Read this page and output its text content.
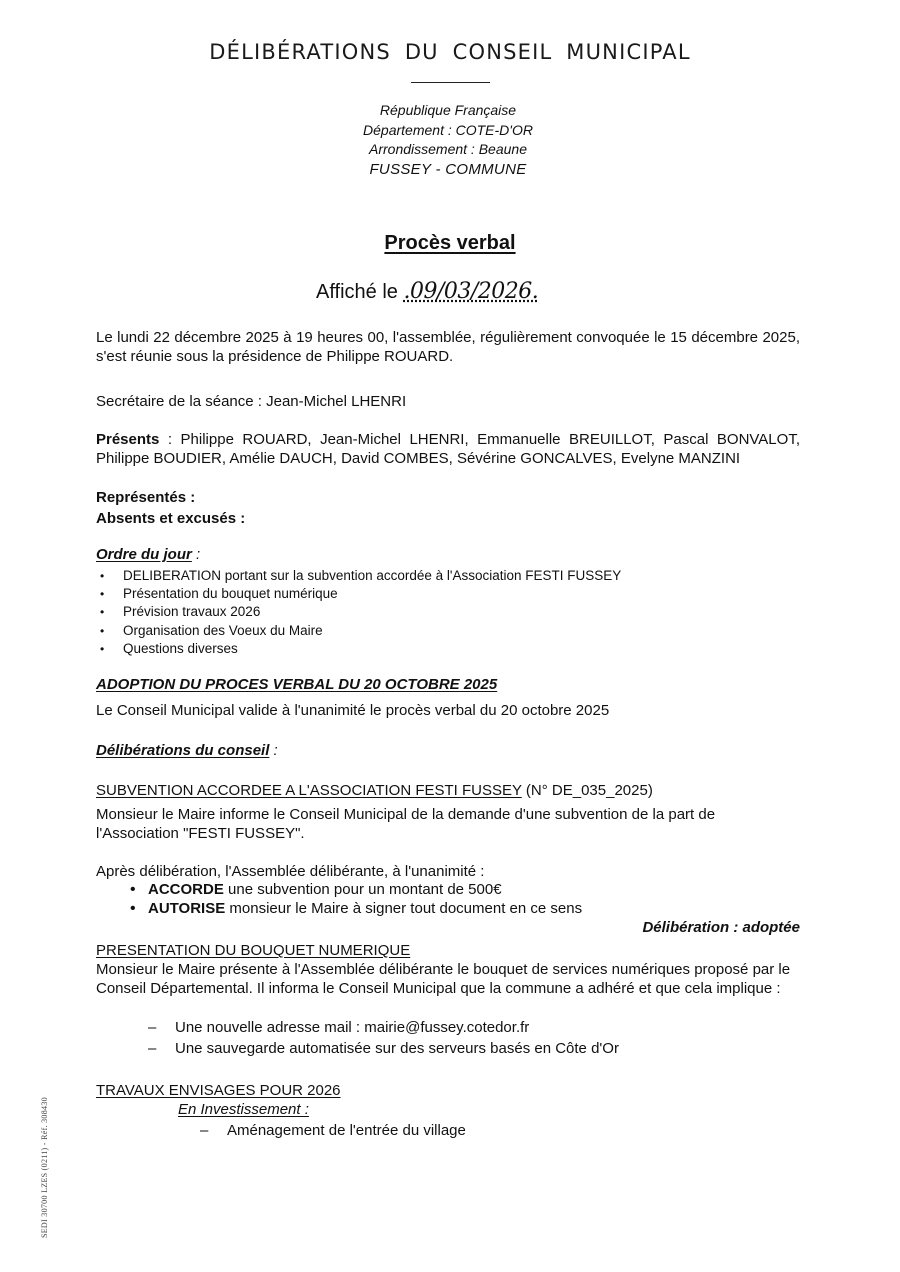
DÉLIBÉRATIONS DU CONSEIL MUNICIPAL
République Française
Département : COTE-D'OR
Arrondissement : Beaune
FUSSEY - COMMUNE
Procès verbal
Affiché le .09/03/2026.
Le lundi 22 décembre 2025 à 19 heures 00, l'assemblée, régulièrement convoquée le 15 décembre 2025, s'est réunie sous la présidence de Philippe ROUARD.
Secrétaire de la séance : Jean-Michel LHENRI
Présents : Philippe ROUARD, Jean-Michel LHENRI, Emmanuelle BREUILLOT, Pascal BONVALOT, Philippe BOUDIER, Amélie DAUCH, David COMBES, Sévérine GONCALVES, Evelyne MANZINI
Représentés :
Absents et excusés :
Ordre du jour :
• DELIBERATION portant sur la subvention accordée à l'Association FESTI FUSSEY
• Présentation du bouquet numérique
• Prévision travaux 2026
• Organisation des Voeux du Maire
• Questions diverses
ADOPTION DU PROCES VERBAL DU 20 OCTOBRE 2025
Le Conseil Municipal valide à l'unanimité le procès verbal du 20 octobre 2025
Délibérations du conseil :
SUBVENTION ACCORDEE A L'ASSOCIATION FESTI FUSSEY (N° DE_035_2025)
Monsieur le Maire informe le Conseil Municipal de la demande d'une subvention de la part de l'Association "FESTI FUSSEY".
Après délibération, l'Assemblée délibérante, à l'unanimité :
• ACCORDE une subvention pour un montant de 500€
• AUTORISE monsieur le Maire à signer tout document en ce sens
Délibération : adoptée
PRESENTATION DU BOUQUET NUMERIQUE
Monsieur le Maire présente à l'Assemblée délibérante le bouquet de services numériques proposé par le Conseil Départemental. Il informa le Conseil Municipal que la commune a adhéré et que cela implique :
– Une nouvelle adresse mail : mairie@fussey.cotedor.fr
– Une sauvegarde automatisée sur des serveurs basés en Côte d'Or
TRAVAUX ENVISAGES POUR 2026
En Investissement :
– Aménagement de l'entrée du village
SEDI 30700 LZES (0211) - Réf. 308430
